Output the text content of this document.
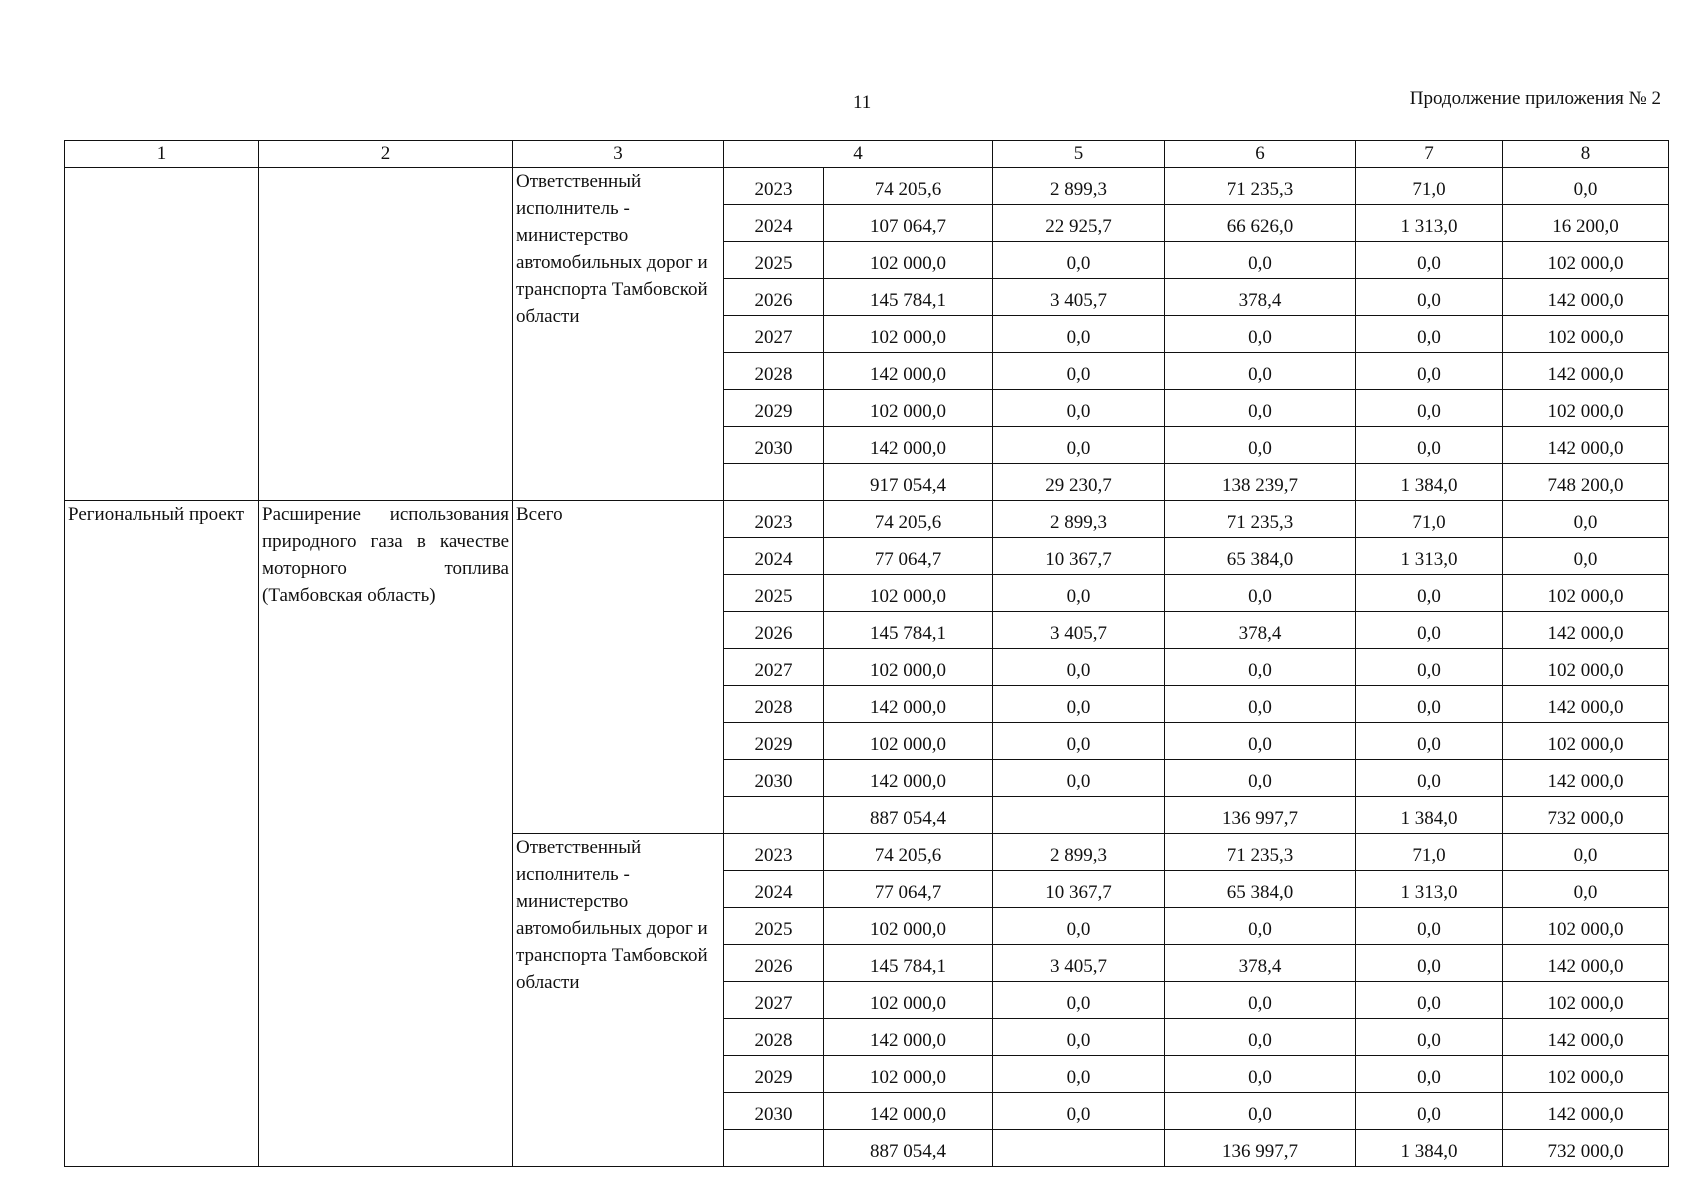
11	Продолжение приложения № 2
1	2	3	4		5	6	7	8
		Ответственный исполнитель - министерство автомобильных дорог и транспорта Тамбовской области	2023	74 205,6	2 899,3	71 235,3	71,0	0,0
			2024	107 064,7	22 925,7	66 626,0	1 313,0	16 200,0
			2025	102 000,0	0,0	0,0	0,0	102 000,0
			2026	145 784,1	3 405,7	378,4	0,0	142 000,0
			2027	102 000,0	0,0	0,0	0,0	102 000,0
			2028	142 000,0	0,0	0,0	0,0	142 000,0
			2029	102 000,0	0,0	0,0	0,0	102 000,0
			2030	142 000,0	0,0	0,0	0,0	142 000,0
				917 054,4	29 230,7	138 239,7	1 384,0	748 200,0
Региональный проект	Расширение использования природного газа в качестве моторного топлива (Тамбовская область)	Всего	2023	74 205,6	2 899,3	71 235,3	71,0	0,0
			2024	77 064,7	10 367,7	65 384,0	1 313,0	0,0
			2025	102 000,0	0,0	0,0	0,0	102 000,0
			2026	145 784,1	3 405,7	378,4	0,0	142 000,0
			2027	102 000,0	0,0	0,0	0,0	102 000,0
			2028	142 000,0	0,0	0,0	0,0	142 000,0
			2029	102 000,0	0,0	0,0	0,0	102 000,0
			2030	142 000,0	0,0	0,0	0,0	142 000,0
				887 054,4		136 997,7	1 384,0	732 000,0
		Ответственный исполнитель - министерство автомобильных дорог и транспорта Тамбовской области	2023	74 205,6	2 899,3	71 235,3	71,0	0,0
			2024	77 064,7	10 367,7	65 384,0	1 313,0	0,0
			2025	102 000,0	0,0	0,0	0,0	102 000,0
			2026	145 784,1	3 405,7	378,4	0,0	142 000,0
			2027	102 000,0	0,0	0,0	0,0	102 000,0
			2028	142 000,0	0,0	0,0	0,0	142 000,0
			2029	102 000,0	0,0	0,0	0,0	102 000,0
			2030	142 000,0	0,0	0,0	0,0	142 000,0
				887 054,4		136 997,7	1 384,0	732 000,0
